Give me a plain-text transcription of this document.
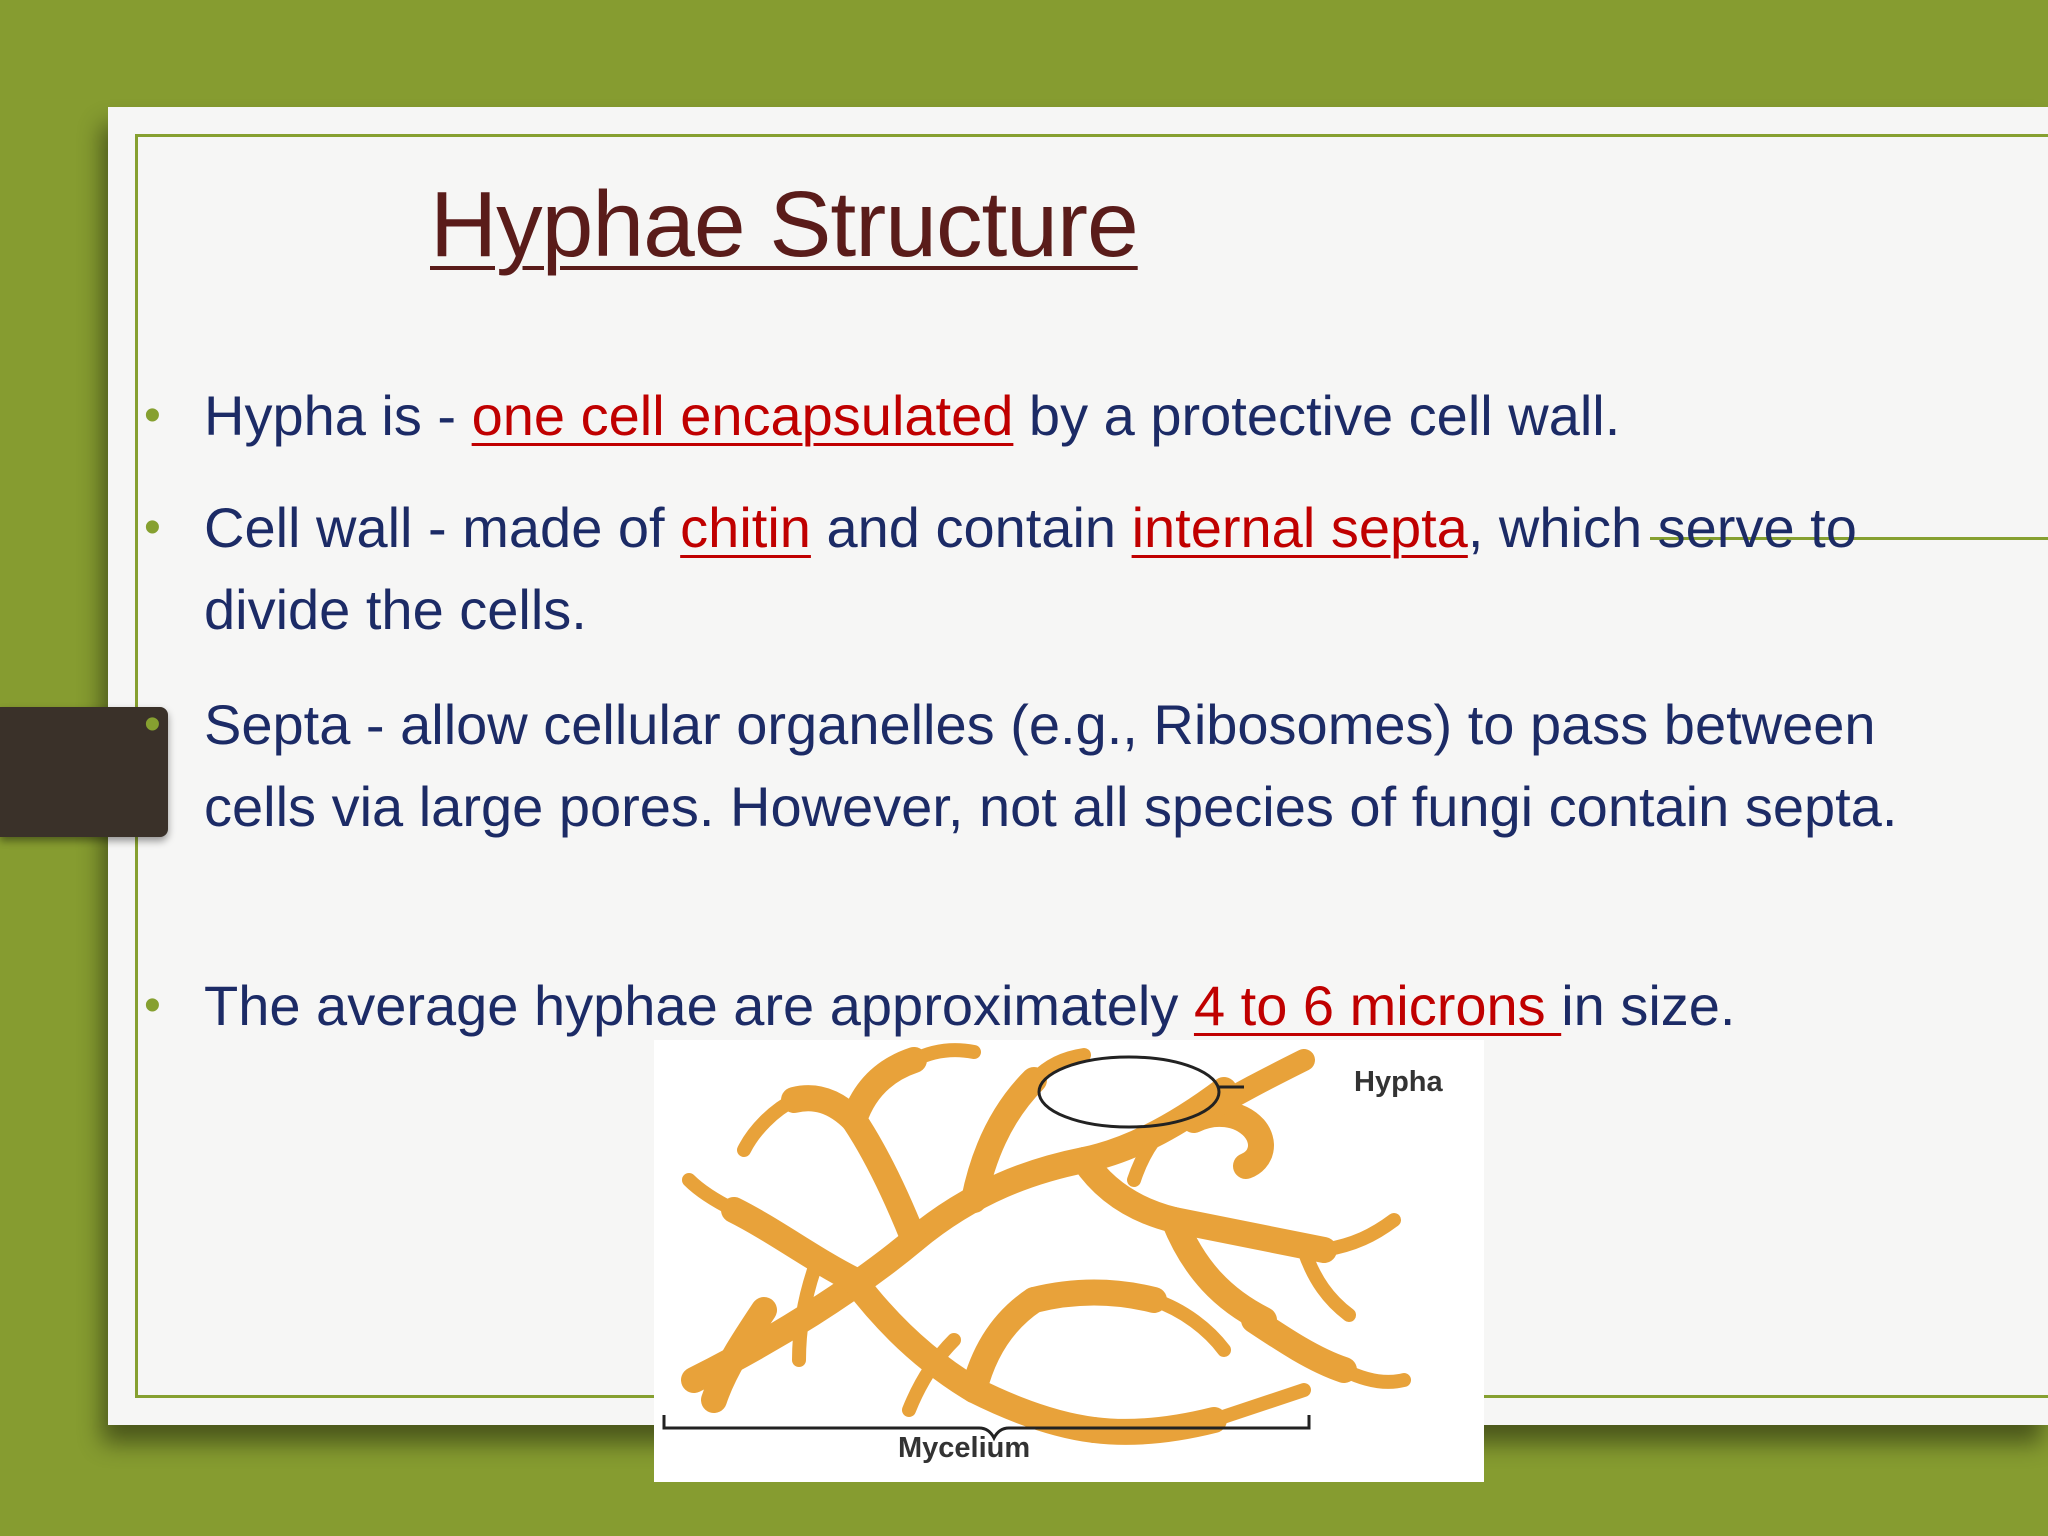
Hyphae Structure
• Hypha is - one cell encapsulated by a protective cell wall.
• Cell wall - made of chitin and contain internal septa, which serve to divide the cells.
• Septa - allow cellular organelles (e.g., Ribosomes) to pass between cells via large pores. However, not all species of fungi contain septa.
• The average hyphae are approximately 4 to 6 microns in size.
Hypha
Mycelium
